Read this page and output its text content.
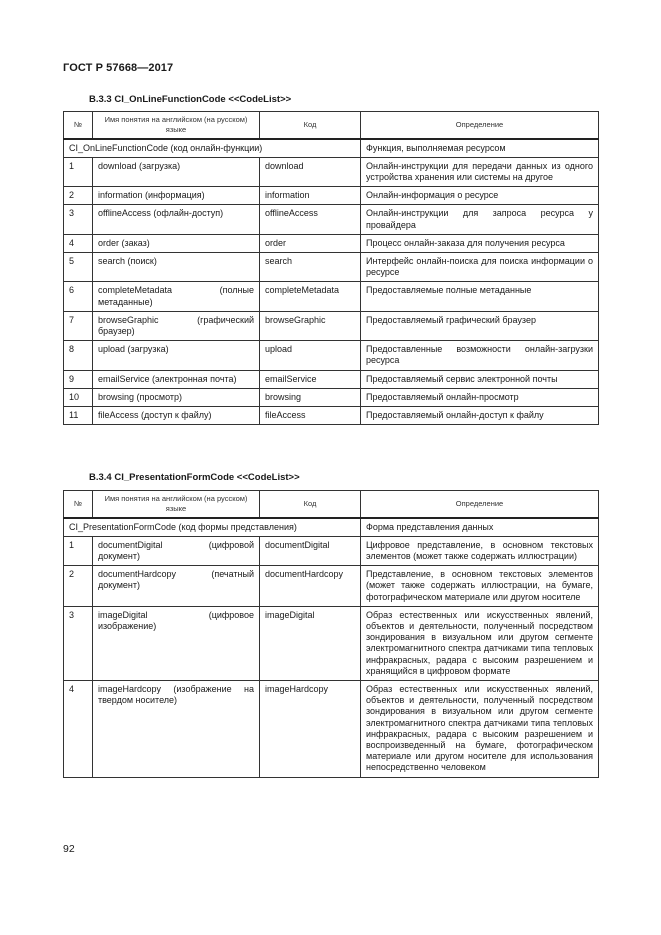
ГОСТ Р 57668—2017
B.3.3 CI_OnLineFunctionCode <<CodeList>>
№	Имя понятия на английском (на русском) языке	Код	Определение
CI_OnLineFunctionCode (код онлайн-функции)			Функция, выполняемая ресурсом
1	download (загрузка)	download	Онлайн-инструкции для передачи данных из одного устройства хранения или системы на другое
2	information (информация)	information	Онлайн-информация о ресурсе
3	offlineAccess (офлайн-доступ)	offlineAccess	Онлайн-инструкции для запроса ресурса у провайдера
4	order (заказ)	order	Процесс онлайн-заказа для получения ресурса
5	search (поиск)	search	Интерфейс онлайн-поиска для поиска информации о ресурсе
6	completeMetadata (полные метаданные)	completeMetadata	Предоставляемые полные метаданные
7	browseGraphic (графический браузер)	browseGraphic	Предоставляемый графический браузер
8	upload (загрузка)	upload	Предоставленные возможности онлайн-загрузки ресурса
9	emailService (электронная почта)	emailService	Предоставляемый сервис электронной почты
10	browsing (просмотр)	browsing	Предоставляемый онлайн-просмотр
11	fileAccess (доступ к файлу)	fileAccess	Предоставляемый онлайн-доступ к файлу
B.3.4 CI_PresentationFormCode <<CodeList>>
№	Имя понятия на английском (на русском) языке	Код	Определение
CI_PresentationFormCode (код формы представления)			Форма представления данных
1	documentDigital (цифровой документ)	documentDigital	Цифровое представление, в основном текстовых элементов (может также содержать иллюстрации)
2	documentHardcopy (печатный документ)	documentHardcopy	Представление, в основном текстовых элементов (может также содержать иллюстрации, на бумаге, фотографическом материале или другом носителе
3	imageDigital (цифровое изображение)	imageDigital	Образ естественных или искусственных явлений, объектов и деятельности, полученный посредством зондирования в визуальном или другом сегменте электромагнитного спектра датчиками типа тепловых инфракрасных, радара с высоким разрешением и хранящийся в цифровом формате
4	imageHardcopy (изображение на твердом носителе)	imageHardcopy	Образ естественных или искусственных явлений, объектов и деятельности, полученный посредством зондирования в визуальном или другом сегменте электромагнитного спектра датчиками типа тепловых инфракрасных, радара с высоким разрешением и воспроизведенный на бумаге, фотографическом материале или другом носителе для использования непосредственно человеком
92
